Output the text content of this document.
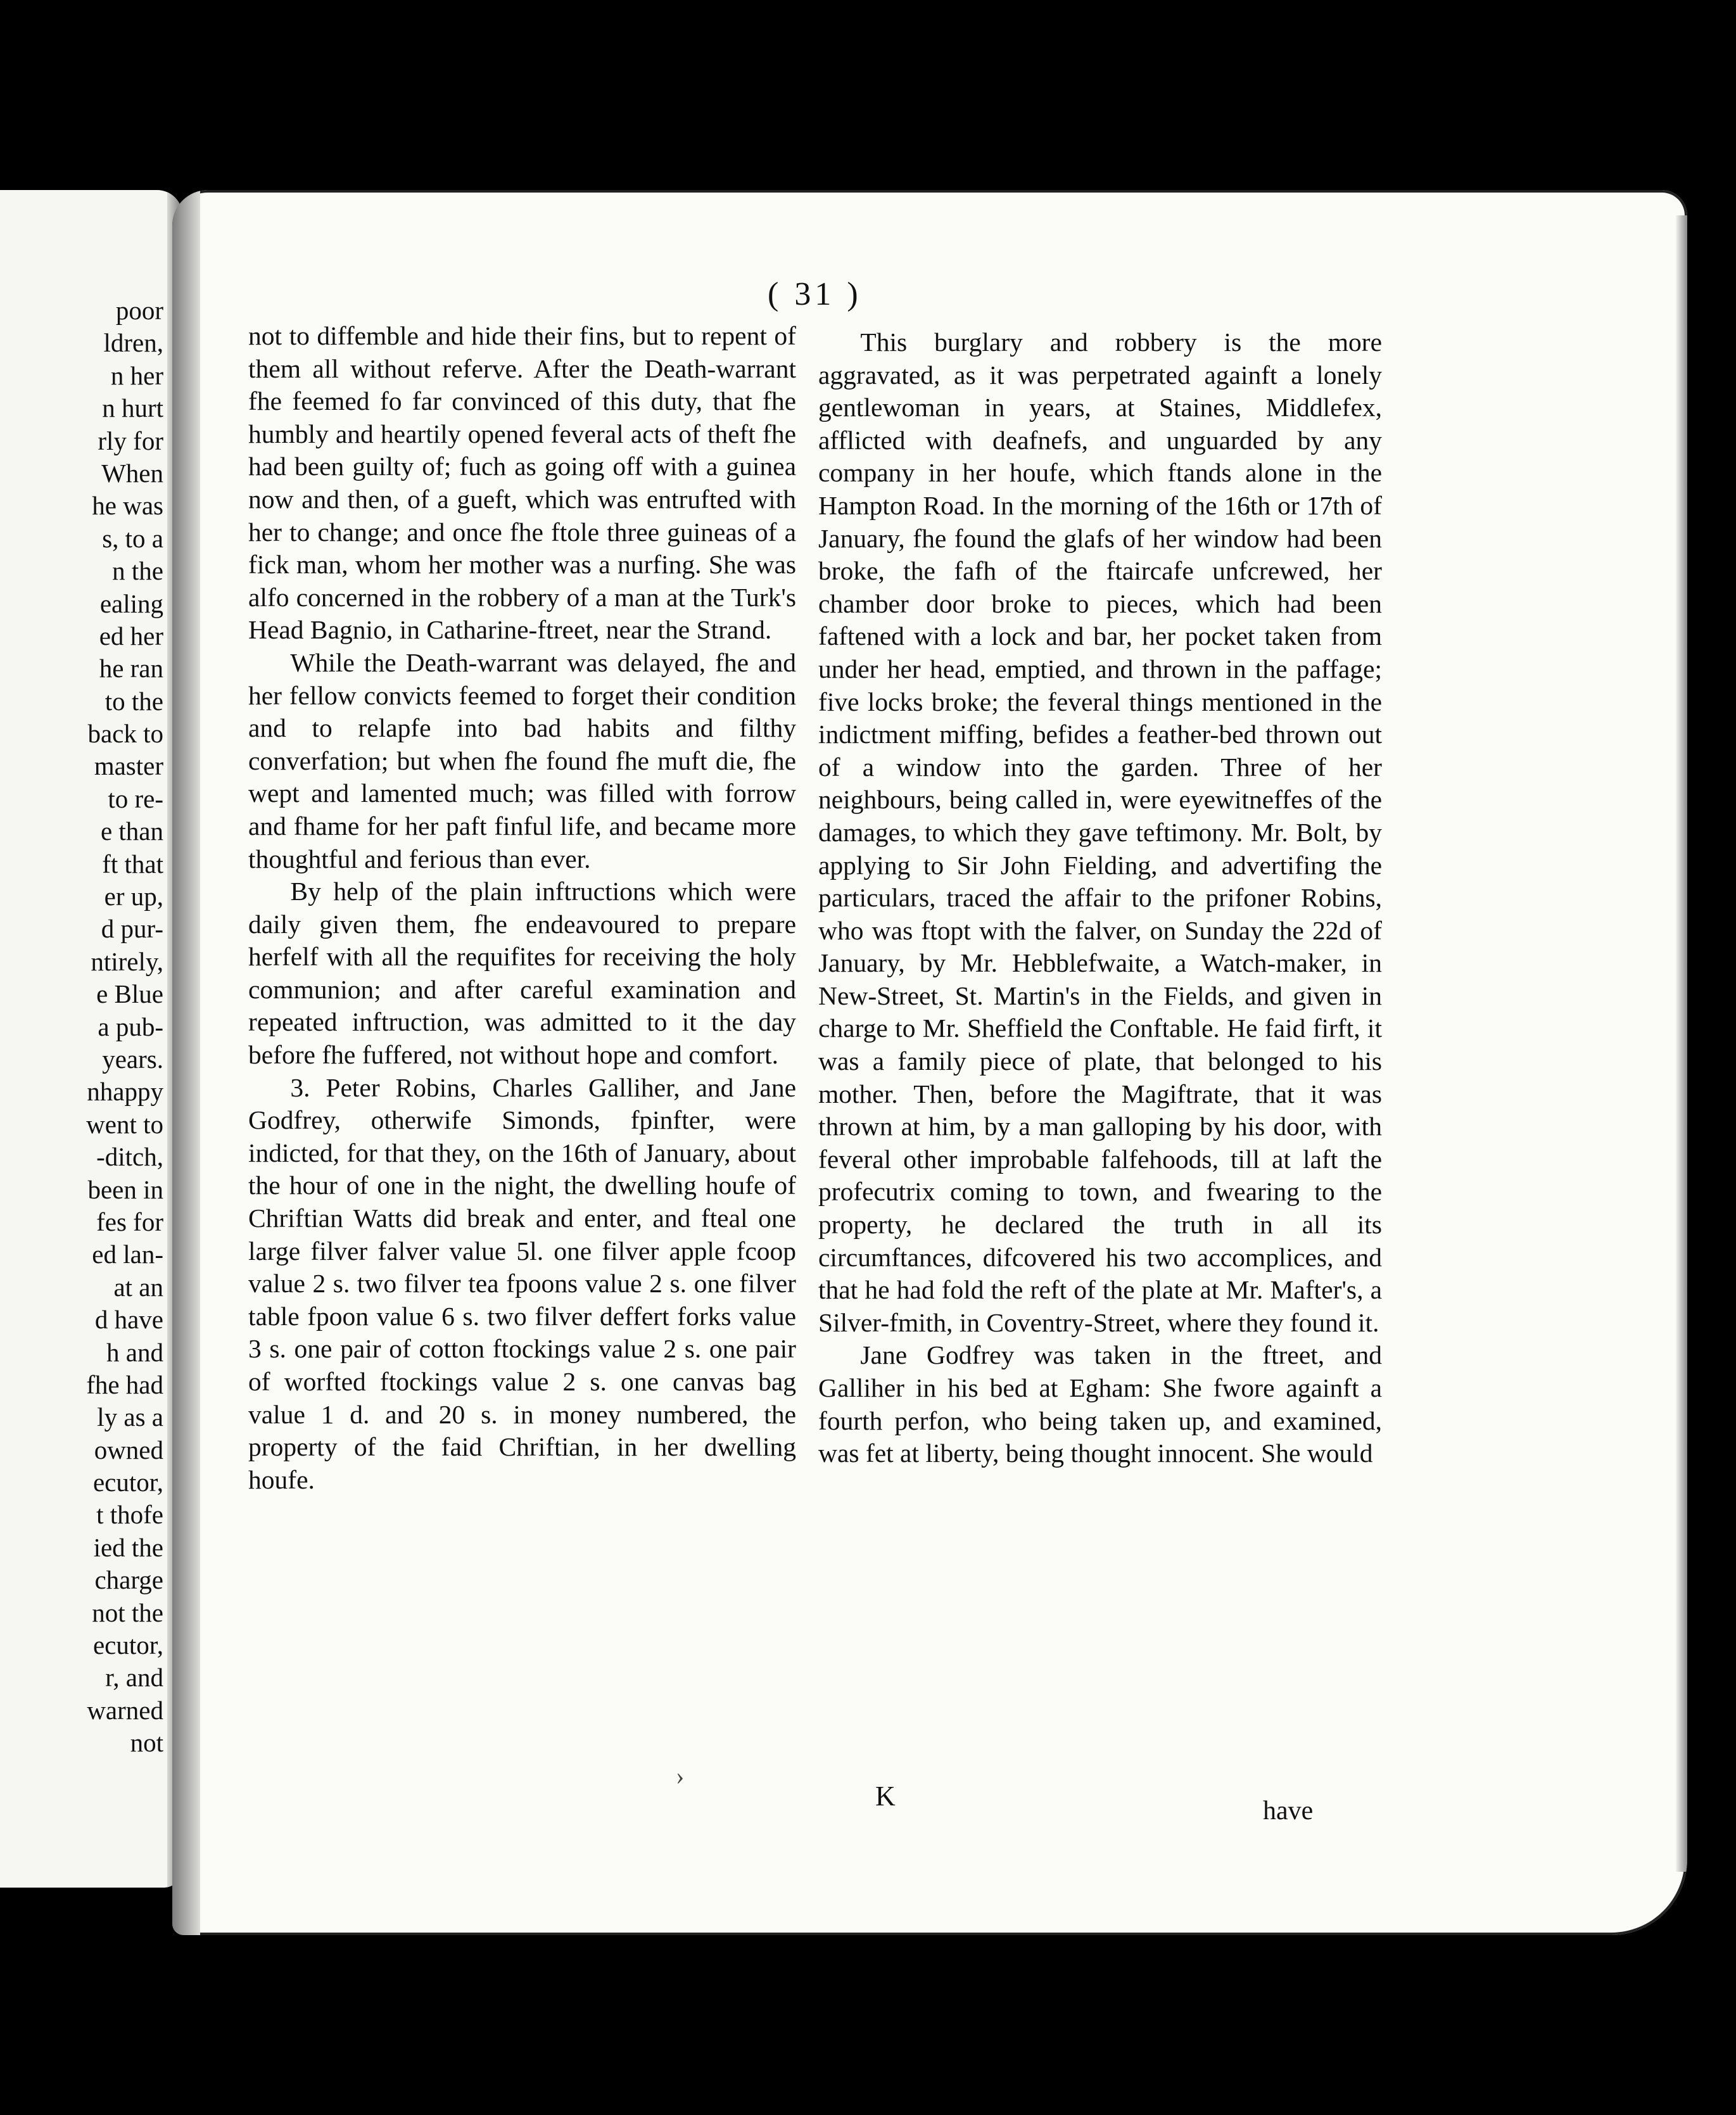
poor
ldren,
n her
n hurt
rly for
When
he was
s, to a
n the
ealing
ed her
he ran
to the
back to
master
to re-
e than
ft that
er up,
d pur-
ntirely,
e Blue
a pub-
years.
nhappy
went to
-ditch,
been in
fes for
ed lan-
at an
d have
h and
fhe had
ly as a
owned
ecutor,
t thofe
ied the
charge
not the
ecutor,
r, and
warned
not
( 31 )

not to diffemble and hide their fins, but to repent of them all without referve. After the Death-warrant fhe feemed fo far convinced of this duty, that fhe humbly and heartily opened feveral acts of theft fhe had been guilty of; fuch as going off with a guinea now and then, of a gueft, which was entrufted with her to change; and once fhe ftole three guineas of a fick man, whom her mother was a nurfing. She was alfo concerned in the robbery of a man at the Turk's Head Bagnio, in Catharine-ftreet, near the Strand.

While the Death-warrant was delayed, fhe and her fellow convicts feemed to forget their condition and to relapfe into bad habits and filthy converfation; but when fhe found fhe muft die, fhe wept and lamented much; was filled with forrow and fhame for her paft finful life, and became more thoughtful and ferious than ever.

By help of the plain inftructions which were daily given them, fhe endeavoured to prepare herfelf with all the requifites for receiving the holy communion; and after careful examination and repeated inftruction, was admitted to it the day before fhe fuffered, not without hope and comfort.

3. Peter Robins, Charles Galliher, and Jane Godfrey, otherwife Simonds, fpinfter, were indicted, for that they, on the 16th of January, about the hour of one in the night, the dwelling houfe of Chriftian Watts did break and enter, and fteal one large filver falver value 5l. one filver apple fcoop value 2 s. two filver tea fpoons value 2 s. one filver table fpoon value 6 s. two filver deffert forks value 3 s. one pair of cotton ftockings value 2 s. one pair of worfted ftockings value 2 s. one canvas bag value 1 d. and 20 s. in money numbered, the property of the faid Chriftian, in her dwelling houfe.

This burglary and robbery is the more aggravated, as it was perpetrated againft a lonely gentlewoman in years, at Staines, Middlefex, afflicted with deafnefs, and unguarded by any company in her houfe, which ftands alone in the Hampton Road. In the morning of the 16th or 17th of January, fhe found the glafs of her window had been broke, the fafh of the ftaircafe unfcrewed, her chamber door broke to pieces, which had been faftened with a lock and bar, her pocket taken from under her head, emptied, and thrown in the paffage; five locks broke; the feveral things mentioned in the indictment miffing, befides a feather-bed thrown out of a window into the garden. Three of her neighbours, being called in, were eyewitneffes of the damages, to which they gave teftimony. Mr. Bolt, by applying to Sir John Fielding, and advertifing the particulars, traced the affair to the prifoner Robins, who was ftopt with the falver, on Sunday the 22d of January, by Mr. Hebblefwaite, a Watch-maker, in New-Street, St. Martin's in the Fields, and given in charge to Mr. Sheffield the Conftable. He faid firft, it was a family piece of plate, that belonged to his mother. Then, before the Magiftrate, that it was thrown at him, by a man galloping by his door, with feveral other improbable falfehoods, till at laft the profecutrix coming to town, and fwearing to the property, he declared the truth in all its circumftances, difcovered his two accomplices, and that he had fold the reft of the plate at Mr. Mafter's, a Silver-fmith, in Coventry-Street, where they found it.

Jane Godfrey was taken in the ftreet, and Galliher in his bed at Egham: She fwore againft a fourth perfon, who being taken up, and examined, was fet at liberty, being thought innocent. She would

›
K	have
